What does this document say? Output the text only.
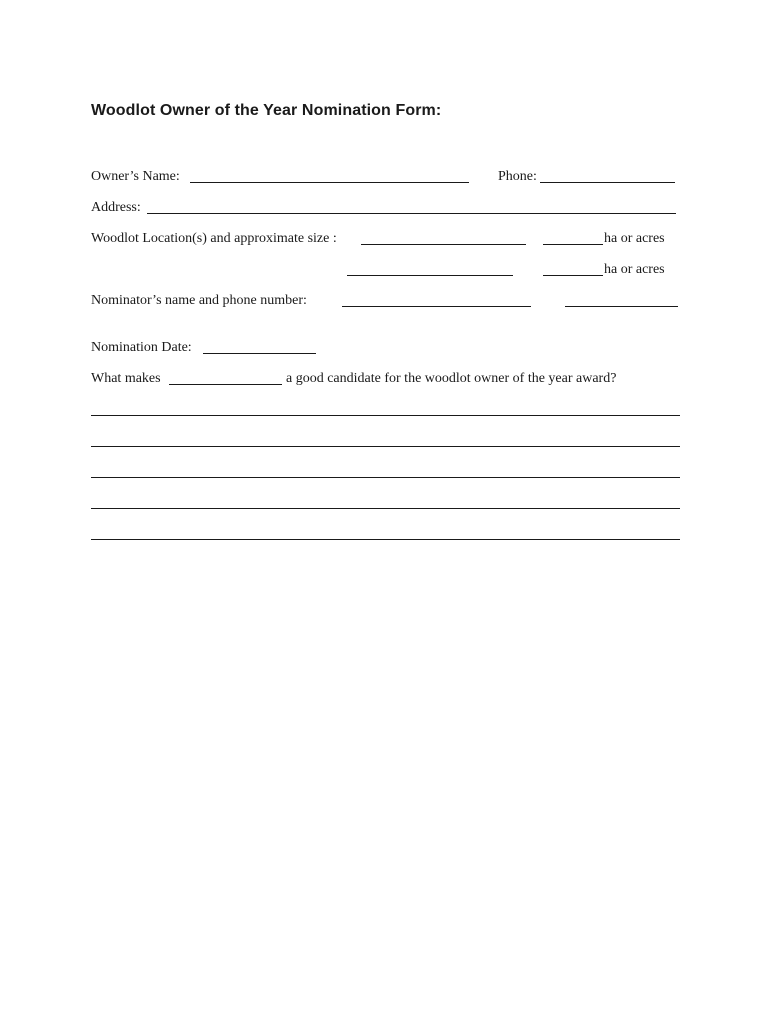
Woodlot Owner of the Year Nomination Form:
Owner’s Name:	Phone:
Address:
Woodlot Location(s) and approximate size :	ha or acres
ha or acres
Nominator’s name and phone number:
Nomination Date:
What makes	a good candidate for the woodlot owner of the year award?
